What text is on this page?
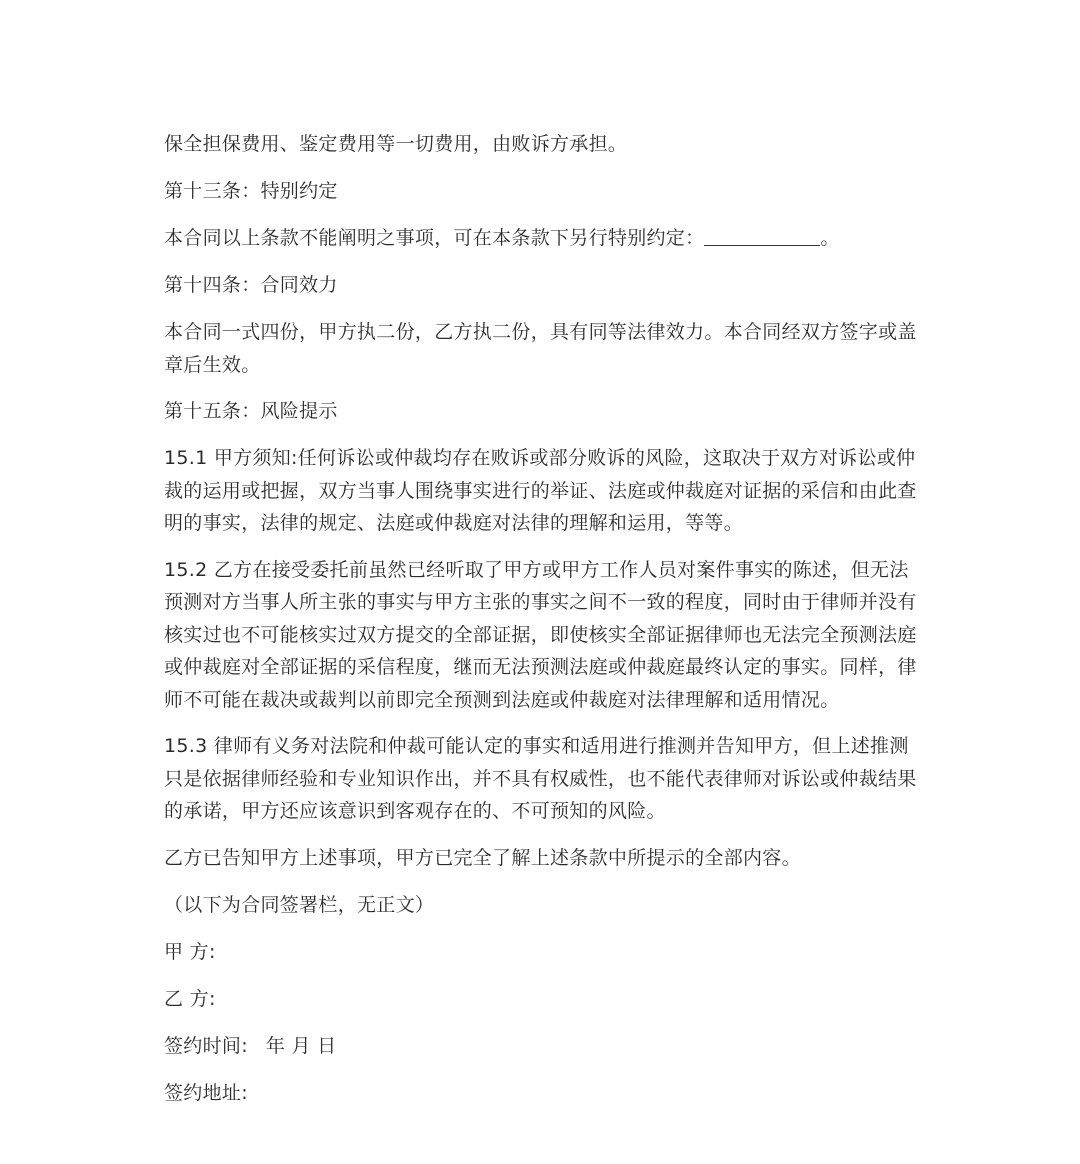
保全担保费用、鉴定费用等一切费用，由败诉方承担。

第十三条：特别约定

本合同以上条款不能阐明之事项，可在本条款下另行特别约定：	。

第十四条：合同效力

本合同一式四份，甲方执二份，乙方执二份，具有同等法律效力。本合同经双方签字或盖章后生效。

第十五条：风险提示

15.1 甲方须知:任何诉讼或仲裁均存在败诉或部分败诉的风险，这取决于双方对诉讼或仲裁的运用或把握，双方当事人围绕事实进行的举证、法庭或仲裁庭对证据的采信和由此查明的事实，法律的规定、法庭或仲裁庭对法律的理解和运用，等等。

15.2 乙方在接受委托前虽然已经听取了甲方或甲方工作人员对案件事实的陈述，但无法预测对方当事人所主张的事实与甲方主张的事实之间不一致的程度，同时由于律师并没有核实过也不可能核实过双方提交的全部证据，即使核实全部证据律师也无法完全预测法庭或仲裁庭对全部证据的采信程度，继而无法预测法庭或仲裁庭最终认定的事实。同样，律师不可能在裁决或裁判以前即完全预测到法庭或仲裁庭对法律理解和适用情况。

15.3 律师有义务对法院和仲裁可能认定的事实和适用进行推测并告知甲方，但上述推测只是依据律师经验和专业知识作出，并不具有权威性，也不能代表律师对诉讼或仲裁结果的承诺，甲方还应该意识到客观存在的、不可预知的风险。

乙方已告知甲方上述事项，甲方已完全了解上述条款中所提示的全部内容。

（以下为合同签署栏，无正文）

甲 方:

乙 方:

签约时间: 年 月 日

签约地址:
